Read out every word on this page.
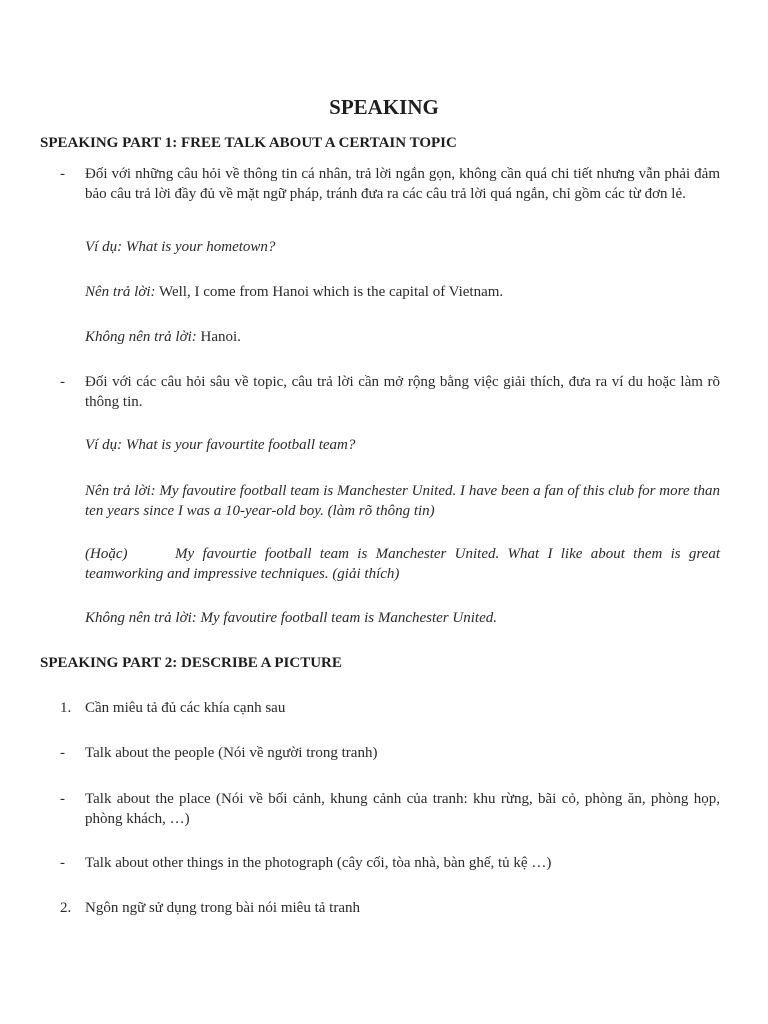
SPEAKING
SPEAKING PART 1: FREE TALK ABOUT A CERTAIN TOPIC
- Đối với những câu hỏi về thông tin cá nhân, trả lời ngắn gọn, không cần quá chi tiết nhưng vẫn phải đảm bảo câu trả lời đầy đủ về mặt ngữ pháp, tránh đưa ra các câu trả lời quá ngắn, chỉ gồm các từ đơn lẻ.
Ví dụ: What is your hometown?
Nên trả lời: Well, I come from Hanoi which is the capital of Vietnam.
Không nên trả lời: Hanoi.
- Đối với các câu hỏi sâu về topic, câu trả lời cần mở rộng bằng việc giải thích, đưa ra ví du hoặc làm rõ thông tin.
Ví dụ: What is your favourtite football team?
Nên trả lời: My favoutire football team is Manchester United. I have been a fan of this club for more than ten years since I was a 10-year-old boy. (làm rõ thông tin)
(Hoặc)	My favourtie football team is Manchester United. What I like about them is great teamworking and impressive techniques. (giải thích)
Không nên trả lời: My favoutire football team is Manchester United.
SPEAKING PART 2: DESCRIBE A PICTURE
1. Cần miêu tả đủ các khía cạnh sau
- Talk about the people (Nói về người trong tranh)
- Talk about the place (Nói về bối cảnh, khung cảnh của tranh: khu rừng, bãi cỏ, phòng ăn, phòng họp, phòng khách, …)
- Talk about other things in the photograph (cây cối, tòa nhà, bàn ghế, tủ kệ …)
2. Ngôn ngữ sử dụng trong bài nói miêu tả tranh
